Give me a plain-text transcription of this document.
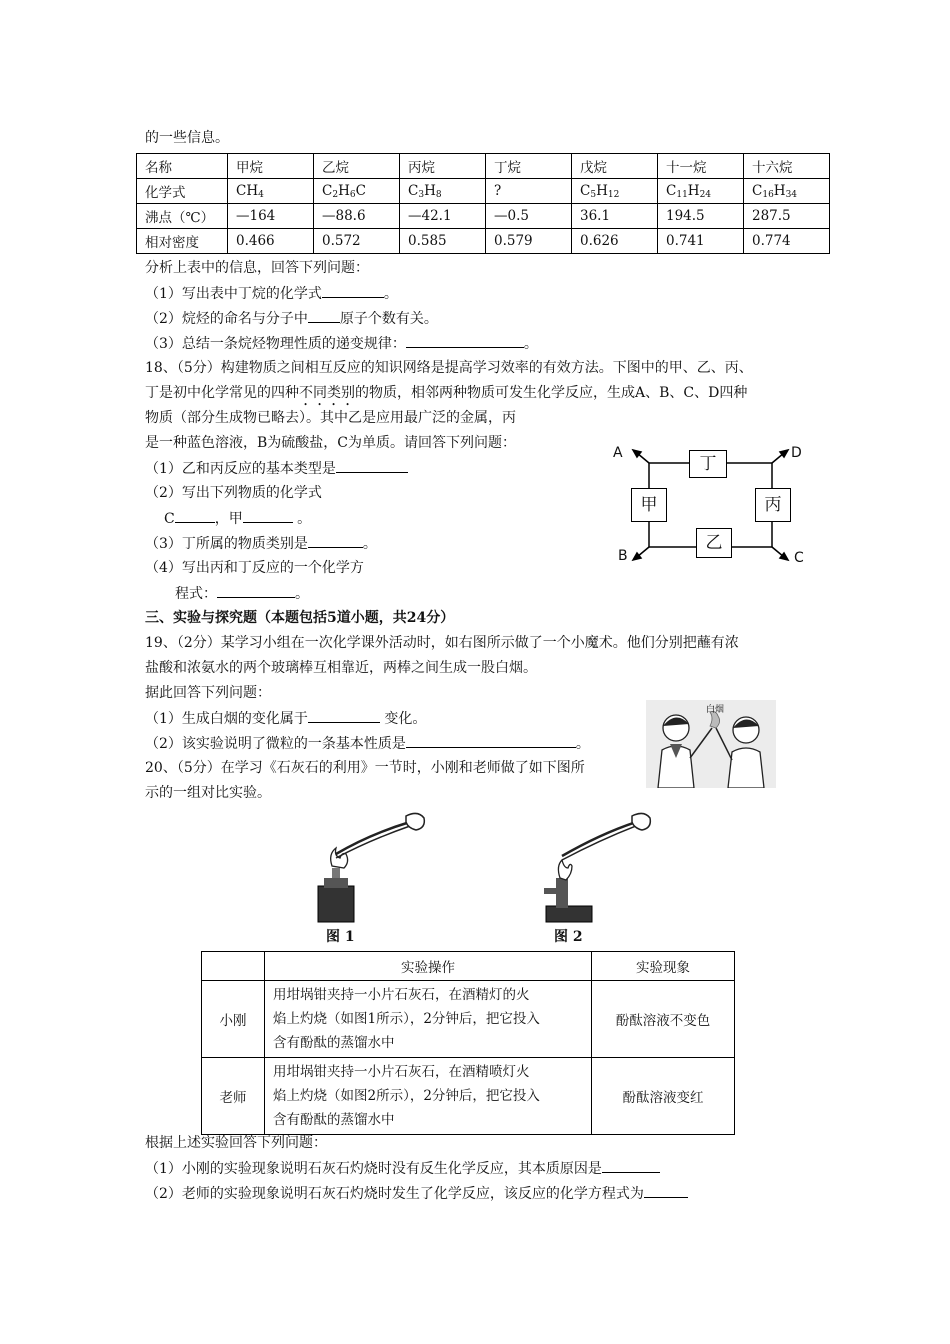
的一些信息。
名称	甲烷	乙烷	丙烷	丁烷	戊烷	十一烷	十六烷
化学式	$CH_4$	$C_2H_6C$	$C_3H_8$	?	$C_5H_{12}$	$C_{11}H_{24}$	$C_{16}H_{34}$
沸点（℃）	—164	—88.6	—42.1	—0.5	36.1	194.5	287.5
相对密度	0.466	0.572	0.585	0.579	0.626	0.741	0.774
分析上表中的信息，回答下列问题：
（1）写出表中丁烷的化学式	。
（2）烷烃的命名与分子中 原子个数有关。
（3）总结一条烷烃物理性质的递变规律：	。
18、（5分）构建物质之间相互反应的知识网络是提高学习效率的有效方法。下图中的甲、乙、丙、
丁是初中化学常见的四种不同类别的物质，相邻两种物质可发生化学反应，生成A、B、C、D四种
物质（部分生成物已略去）。其中乙是应用最广泛的金属，丙
是一种蓝色溶液，B为硫酸盐，C为单质。请回答下列问题：
（1）乙和丙反应的基本类型是
（2）写出下列物质的化学式
C	，甲	。
（3）丁所属的物质类别是	。
（4）写出丙和丁反应的一个化学方
程式：	。
丁
甲	丙
乙
A	D
B	C
三、实验与探究题（本题包括5道小题，共24分）
19、（2分）某学习小组在一次化学课外活动时，如右图所示做了一个小魔术。他们分别把蘸有浓
盐酸和浓氨水的两个玻璃棒互相靠近，两棒之间生成一股白烟。
据此回答下列问题：
（1）生成白烟的变化属于	变化。
（2）该实验说明了微粒的一条基本性质是	。
白烟
20、（5分）在学习《石灰石的利用》一节时，小刚和老师做了如下图所
示的一组对比实验。
图 1	图 2
	实验操作	实验现象
小刚	用坩埚钳夹持一小片石灰石，在酒精灯的火
焰上灼烧（如图1所示），2分钟后，把它投入
含有酚酞的蒸馏水中	酚酞溶液不变色
老师	用坩埚钳夹持一小片石灰石，在酒精喷灯火
焰上灼烧（如图2所示），2分钟后，把它投入
含有酚酞的蒸馏水中	酚酞溶液变红
根据上述实验回答下列问题：
（1）小刚的实验现象说明石灰石灼烧时没有反生化学反应，其本质原因是
（2）老师的实验现象说明石灰石灼烧时发生了化学反应，该反应的化学方程式为
